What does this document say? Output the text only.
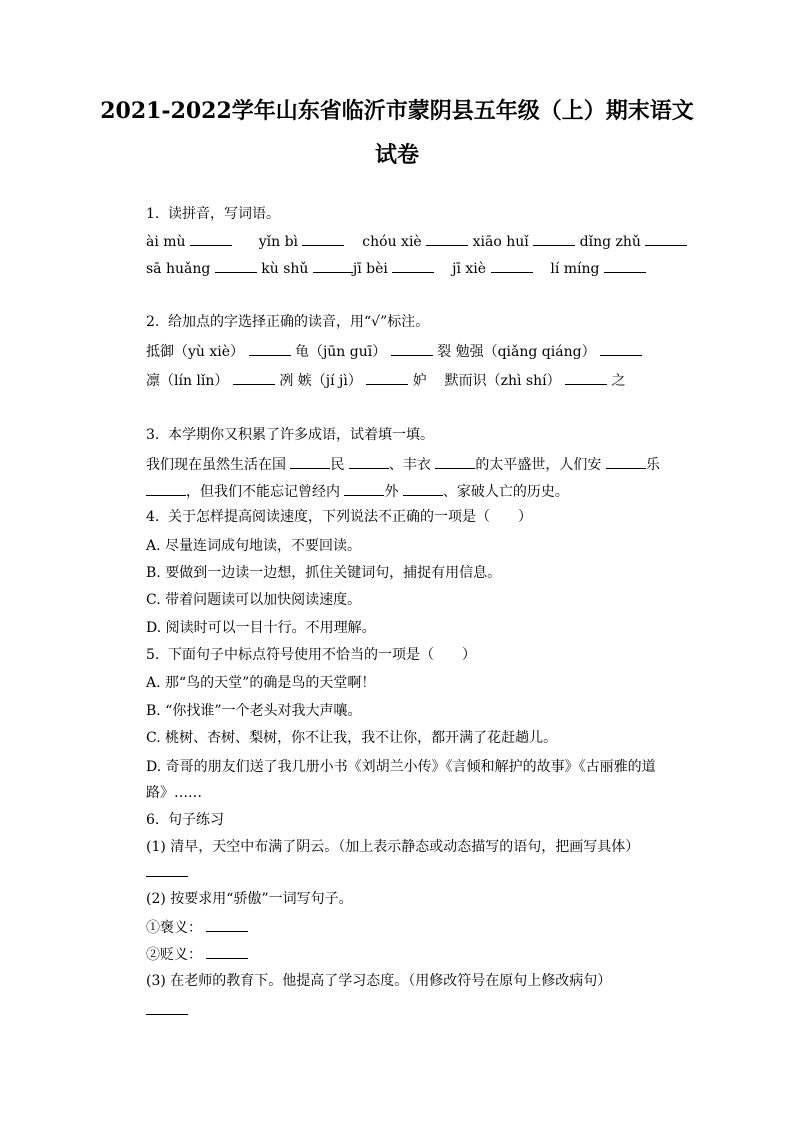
2021-2022学年山东省临沂市蒙阴县五年级（上）期末语文
试卷
1. 读拼音，写词语。
ài mù	yǐn bì	chóu xiè	xiāo huǐ	dǐng zhǔ
sā huǎng	kù shǔ	jī bèi	jī xiè	lí míng
2. 给加点的字选择正确的读音，用“√”标注。
抵御（yù xiè）	龟（jūn guī）	裂 勉强（qiǎng qiáng）
凛（lín lǐn）	冽 嫉（jí jì）	妒 默而识（zhì shí）	之
3. 本学期你又积累了许多成语，试着填一填。
我们现在虽然生活在国	民	、丰衣	的太平盛世，人们安	乐
，但我们不能忘记曾经内	外	、家破人亡的历史。
4. 关于怎样提高阅读速度，下列说法不正确的一项是（　　）
A. 尽量连词成句地读，不要回读。
B. 要做到一边读一边想，抓住关键词句，捕捉有用信息。
C. 带着问题读可以加快阅读速度。
D. 阅读时可以一目十行。不用理解。
5. 下面句子中标点符号使用不恰当的一项是（　　）
A. 那“鸟的天堂”的确是鸟的天堂啊！
B. “你找谁”一个老头对我大声嚷。
C. 桃树、杏树、梨树，你不让我，我不让你，都开满了花赶趟儿。
D. 奇哥的朋友们送了我几册小书《刘胡兰小传》《言倾和解护的故事》《古丽雅的道
路》……
6. 句子练习
(1) 清早，天空中布满了阴云。（加上表示静态或动态描写的语句，把画写具体）
(2) 按要求用“骄傲”一词写句子。
①褒义：
②贬义：
(3) 在老师的教育下。他提高了学习态度。（用修改符号在原句上修改病句）
